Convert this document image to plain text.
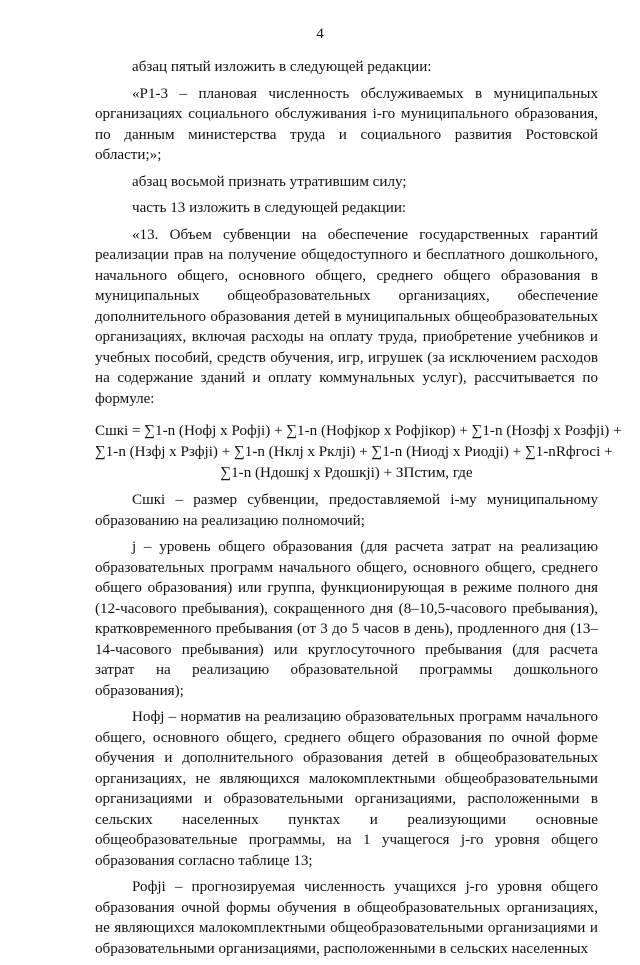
4

абзац пятый изложить в следующей редакции:

«Р1-3 – плановая численность обслуживаемых в муниципальных организациях социального обслуживания i-го муниципального образования, по данным министерства труда и социального развития Ростовской области;»;

абзац восьмой признать утратившим силу;

часть 13 изложить в следующей редакции:

«13. Объем субвенции на обеспечение государственных гарантий реализации прав на получение общедоступного и бесплатного дошкольного, начального общего, основного общего, среднего общего образования в муниципальных общеобразовательных организациях, обеспечение дополнительного образования детей в муниципальных общеобразовательных организациях, включая расходы на оплату труда, приобретение учебников и учебных пособий, средств обучения, игр, игрушек (за исключением расходов на содержание зданий и оплату коммунальных услуг), рассчитывается по формуле:

Сшкi = ∑1-n (Нофj х Рофji) + ∑1-n (Нофjкор х Рофjiкор) + ∑1-n (Нозфj х Розфji) +
∑1-n (Нзфj х Рзфji) + ∑1-n (Нклj х Рклji) + ∑1-n (Ниодj х Риодji) + ∑1-nRфгосi +
∑1-n (Ндошкj х Рдошкji) + ЗПстим, где

Сшкi – размер субвенции, предоставляемой i-му муниципальному образованию на реализацию полномочий;

j – уровень общего образования (для расчета затрат на реализацию образовательных программ начального общего, основного общего, среднего общего образования) или группа, функционирующая в режиме полного дня (12-часового пребывания), сокращенного дня (8–10,5-часового пребывания), кратковременного пребывания (от 3 до 5 часов в день), продленного дня (13–14-часового пребывания) или круглосуточного пребывания (для расчета затрат на реализацию образовательной программы дошкольного образования);

Нофj – норматив на реализацию образовательных программ начального общего, основного общего, среднего общего образования по очной форме обучения и дополнительного образования детей в общеобразовательных организациях, не являющихся малокомплектными общеобразовательными организациями и образовательными организациями, расположенными в сельских населенных пунктах и реализующими основные общеобразовательные программы, на 1 учащегося j-го уровня общего образования согласно таблице 13;

Рофji – прогнозируемая численность учащихся j-го уровня общего образования очной формы обучения в общеобразовательных организациях, не являющихся малокомплектными общеобразовательными организациями и образовательными организациями, расположенными в сельских населенных
